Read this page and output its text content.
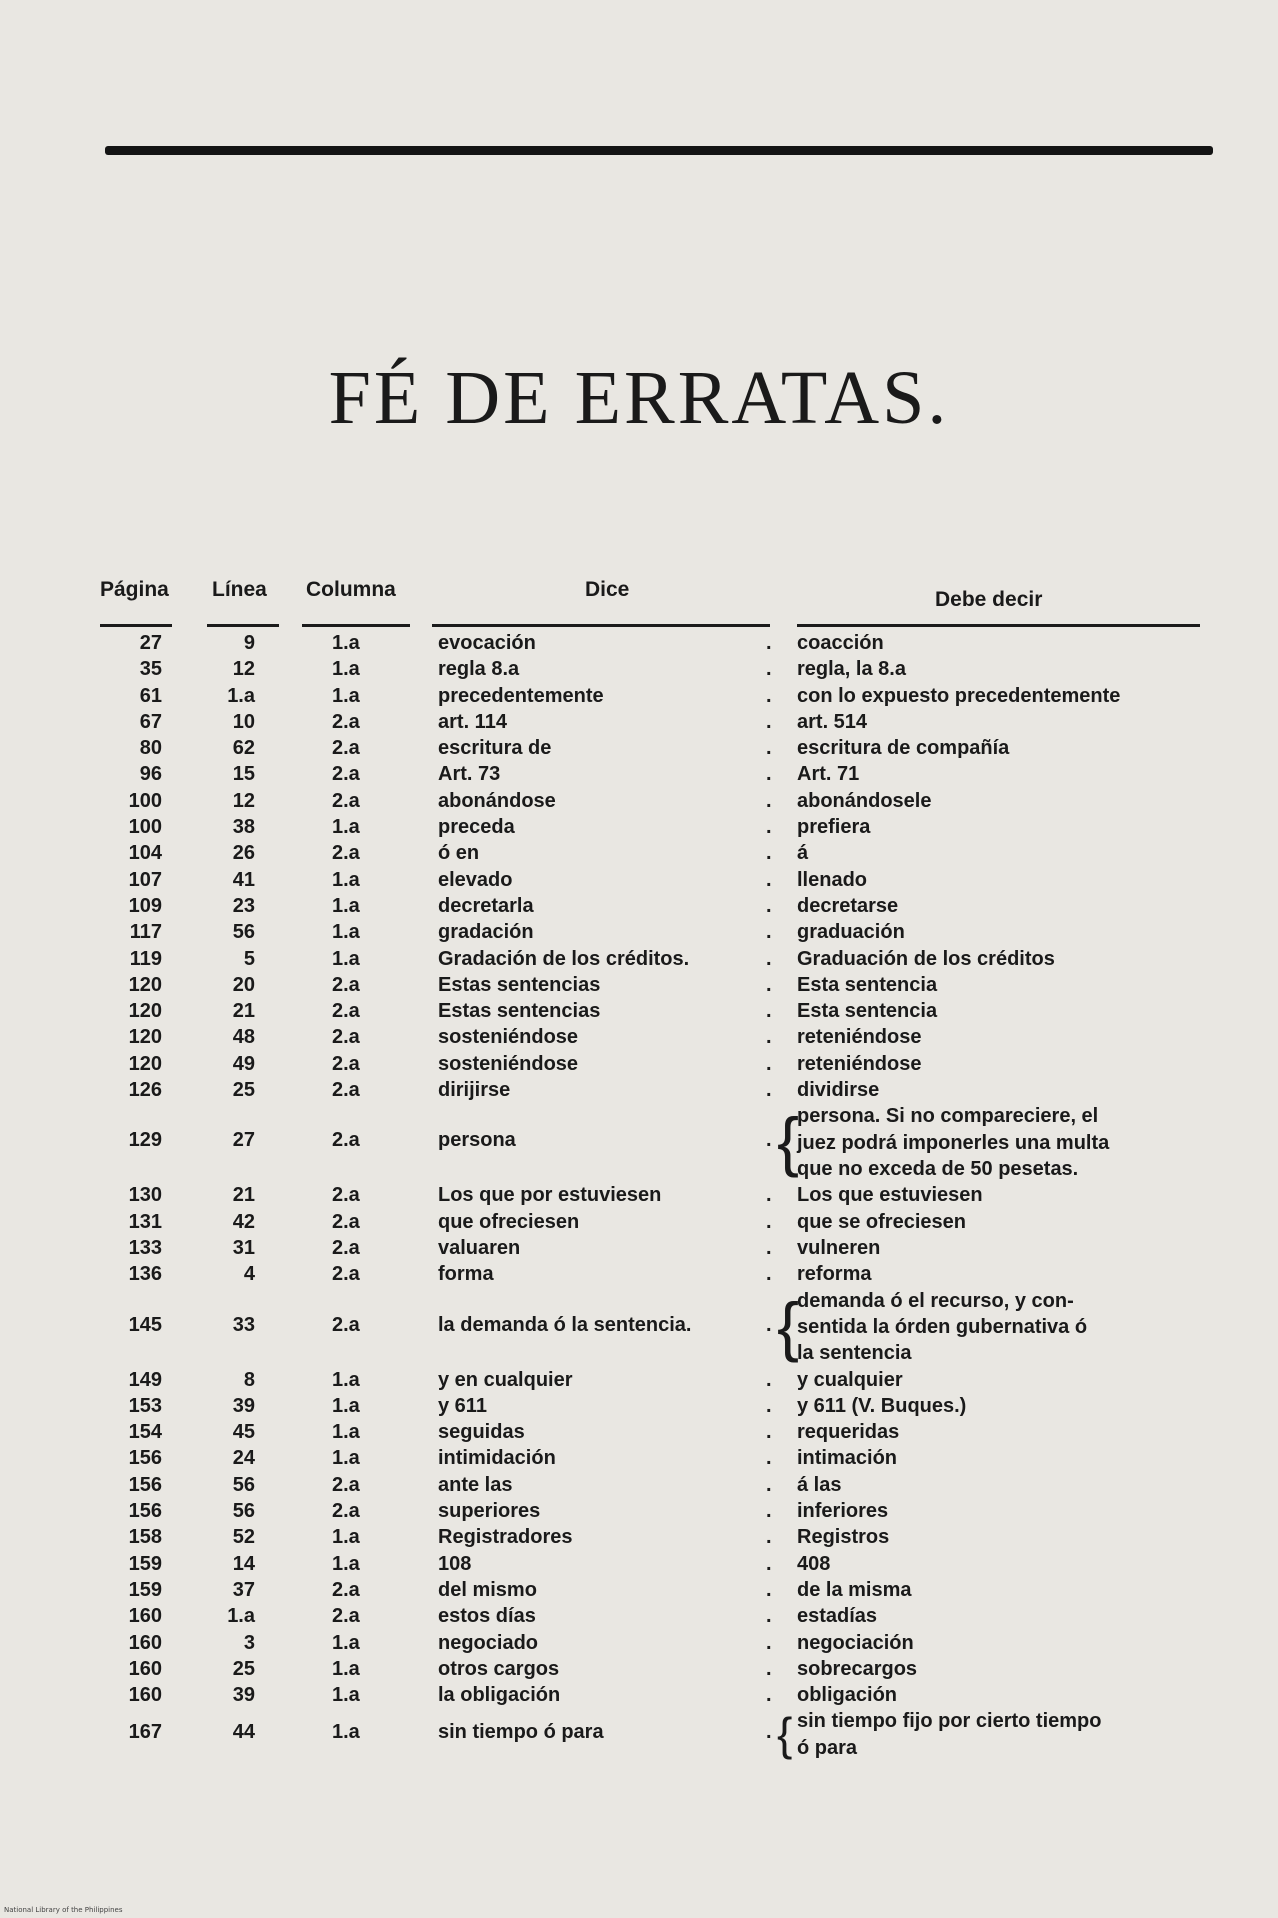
FÉ DE ERRATAS.
Página Línea Columna	Dice	Debe decir
27	9	1.a	evocación	. coacción
35	12	1.a	regla 8.a	. regla, la 8.a
61	1.a	1.a	precedentemente	. con lo expuesto precedentemente
67	10	2.a	art. 114	. art. 514
80	62	2.a	escritura de	. escritura de compañía
96	15	2.a	Art. 73	. Art. 71
100	12	2.a	abonándose	. abonándosele
100	38	1.a	preceda	. prefiera
104	26	2.a	ó en	. á
107	41	1.a	elevado	. llenado
109	23	1.a	decretarla	. decretarse
117	56	1.a	gradación	. graduación
119	5	1.a	Gradación de los créditos.	. Graduación de los créditos
120	20	2.a	Estas sentencias	. Esta sentencia
120	21	2.a	Estas sentencias	. Esta sentencia
120	48	2.a	sosteniéndose	. reteniéndose
120	49	2.a	sosteniéndose	. reteniéndose
126	25	2.a	dirijirse	. dividirse
129	27	2.a	persona	. {
persona. Si no compareciere, el
juez podrá imponerles una multa
que no exceda de 50 pesetas.
130	21	2.a	Los que por estuviesen	. Los que estuviesen
131	42	2.a	que ofreciesen	. que se ofreciesen
133	31	2.a	valuaren	. vulneren
136	4	2.a	forma	. reforma
145	33	2.a	la demanda ó la sentencia.	. {
demanda ó el recurso, y con-
sentida la órden gubernativa ó
la sentencia
149	8	1.a	y en cualquier	. y cualquier
153	39	1.a	y 611	. y 611 (V. Buques.)
154	45	1.a	seguidas	. requeridas
156	24	1.a	intimidación	. intimación
156	56	2.a	ante las	. á las
156	56	2.a	superiores	. inferiores
158	52	1.a	Registradores	. Registros
159	14	1.a	108	. 408
159	37	2.a	del mismo	. de la misma
160	1.a	2.a	estos días	. estadías
160	3	1.a	negociado	. negociación
160	25	1.a	otros cargos	. sobrecargos
160	39	1.a	la obligación	. obligación
167	44	1.a	sin tiempo ó para	. { sin tiempo fijo por cierto tiempo
ó para
National Library of the Philippines
